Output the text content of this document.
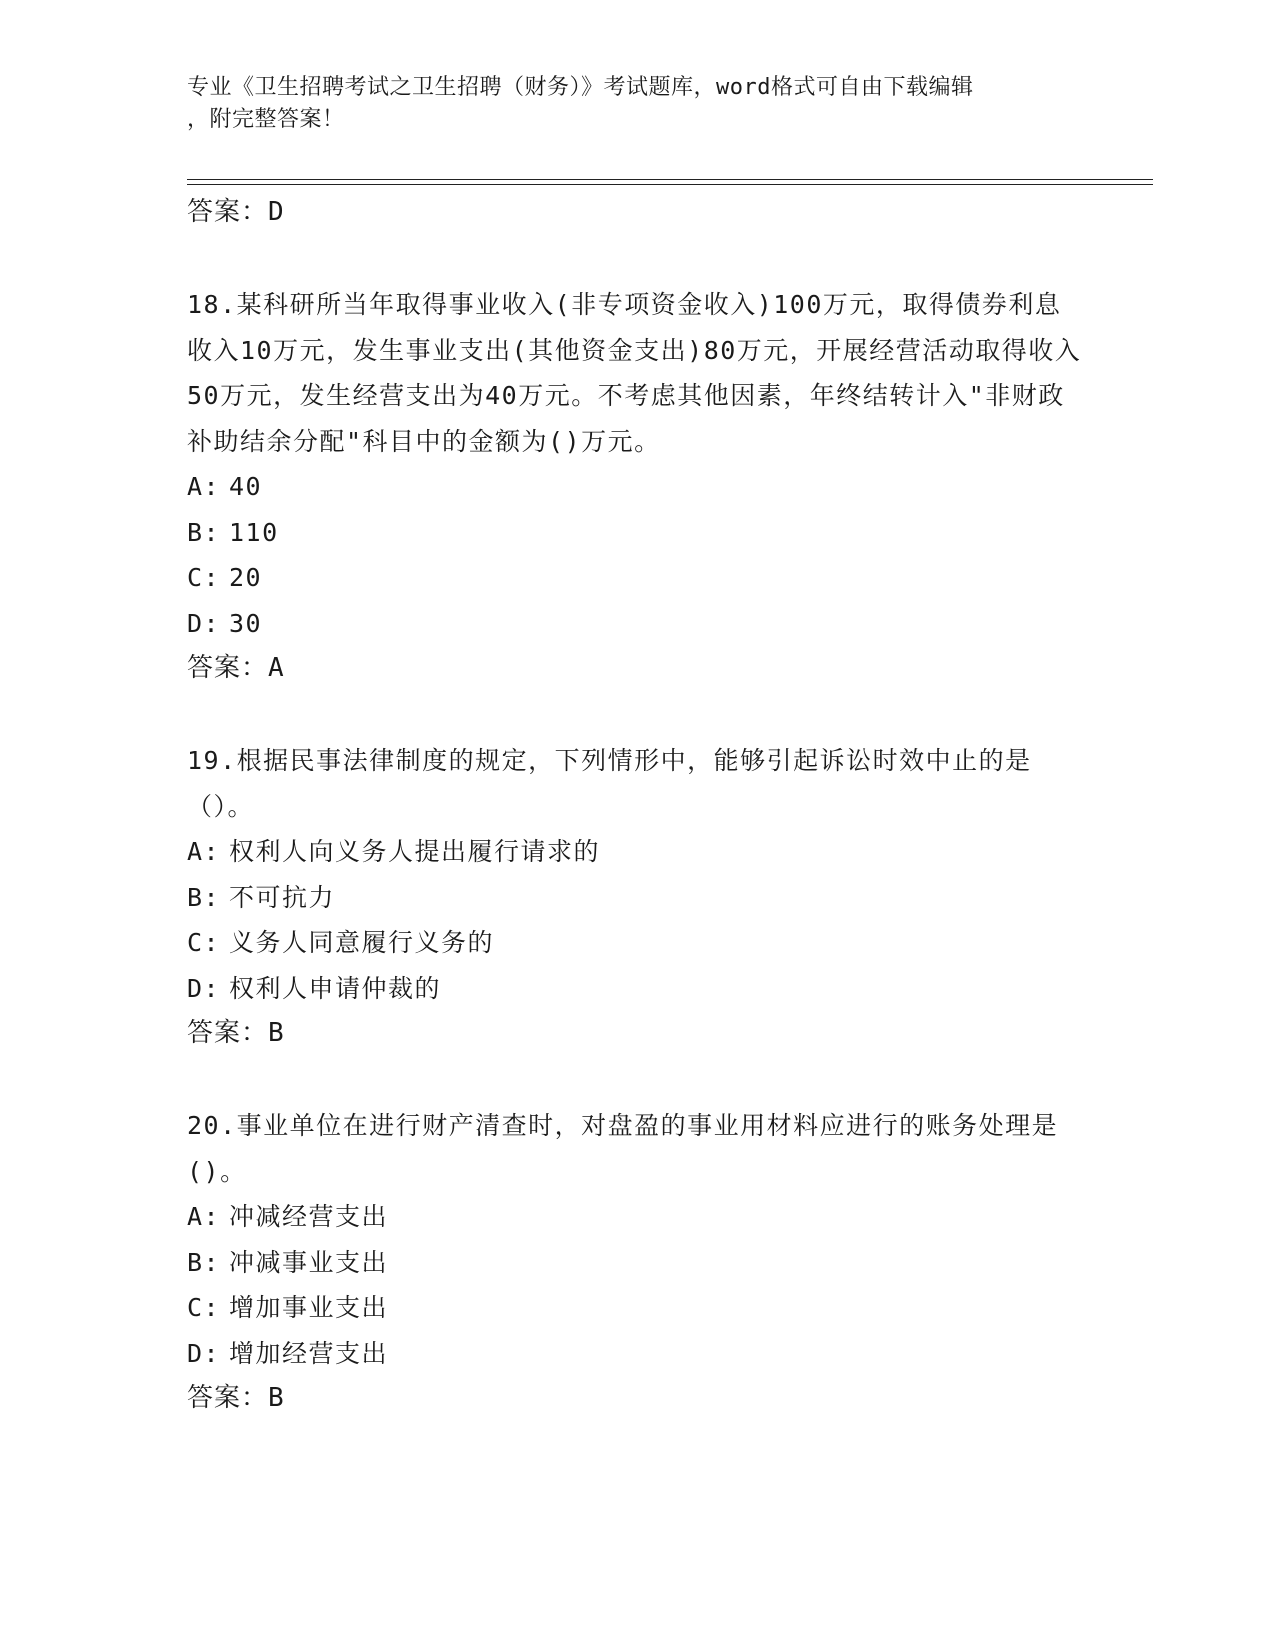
专业《卫生招聘考试之卫生招聘（财务）》考试题库，word格式可自由下载编辑
，附完整答案！
答案：D

18.某科研所当年取得事业收入(非专项资金收入)100万元，取得债券利息收入10万元，发生事业支出(其他资金支出)80万元，开展经营活动取得收入50万元，发生经营支出为40万元。不考虑其他因素，年终结转计入"非财政补助结余分配"科目中的金额为()万元。

A: 40
B: 110
C: 20
D: 30
答案：A

19.根据民事法律制度的规定，下列情形中，能够引起诉讼时效中止的是（）。

A: 权利人向义务人提出履行请求的
B: 不可抗力
C: 义务人同意履行义务的
D: 权利人申请仲裁的
答案：B

20.事业单位在进行财产清查时，对盘盈的事业用材料应进行的账务处理是()。

A: 冲减经营支出
B: 冲减事业支出
C: 增加事业支出
D: 增加经营支出
答案：B
